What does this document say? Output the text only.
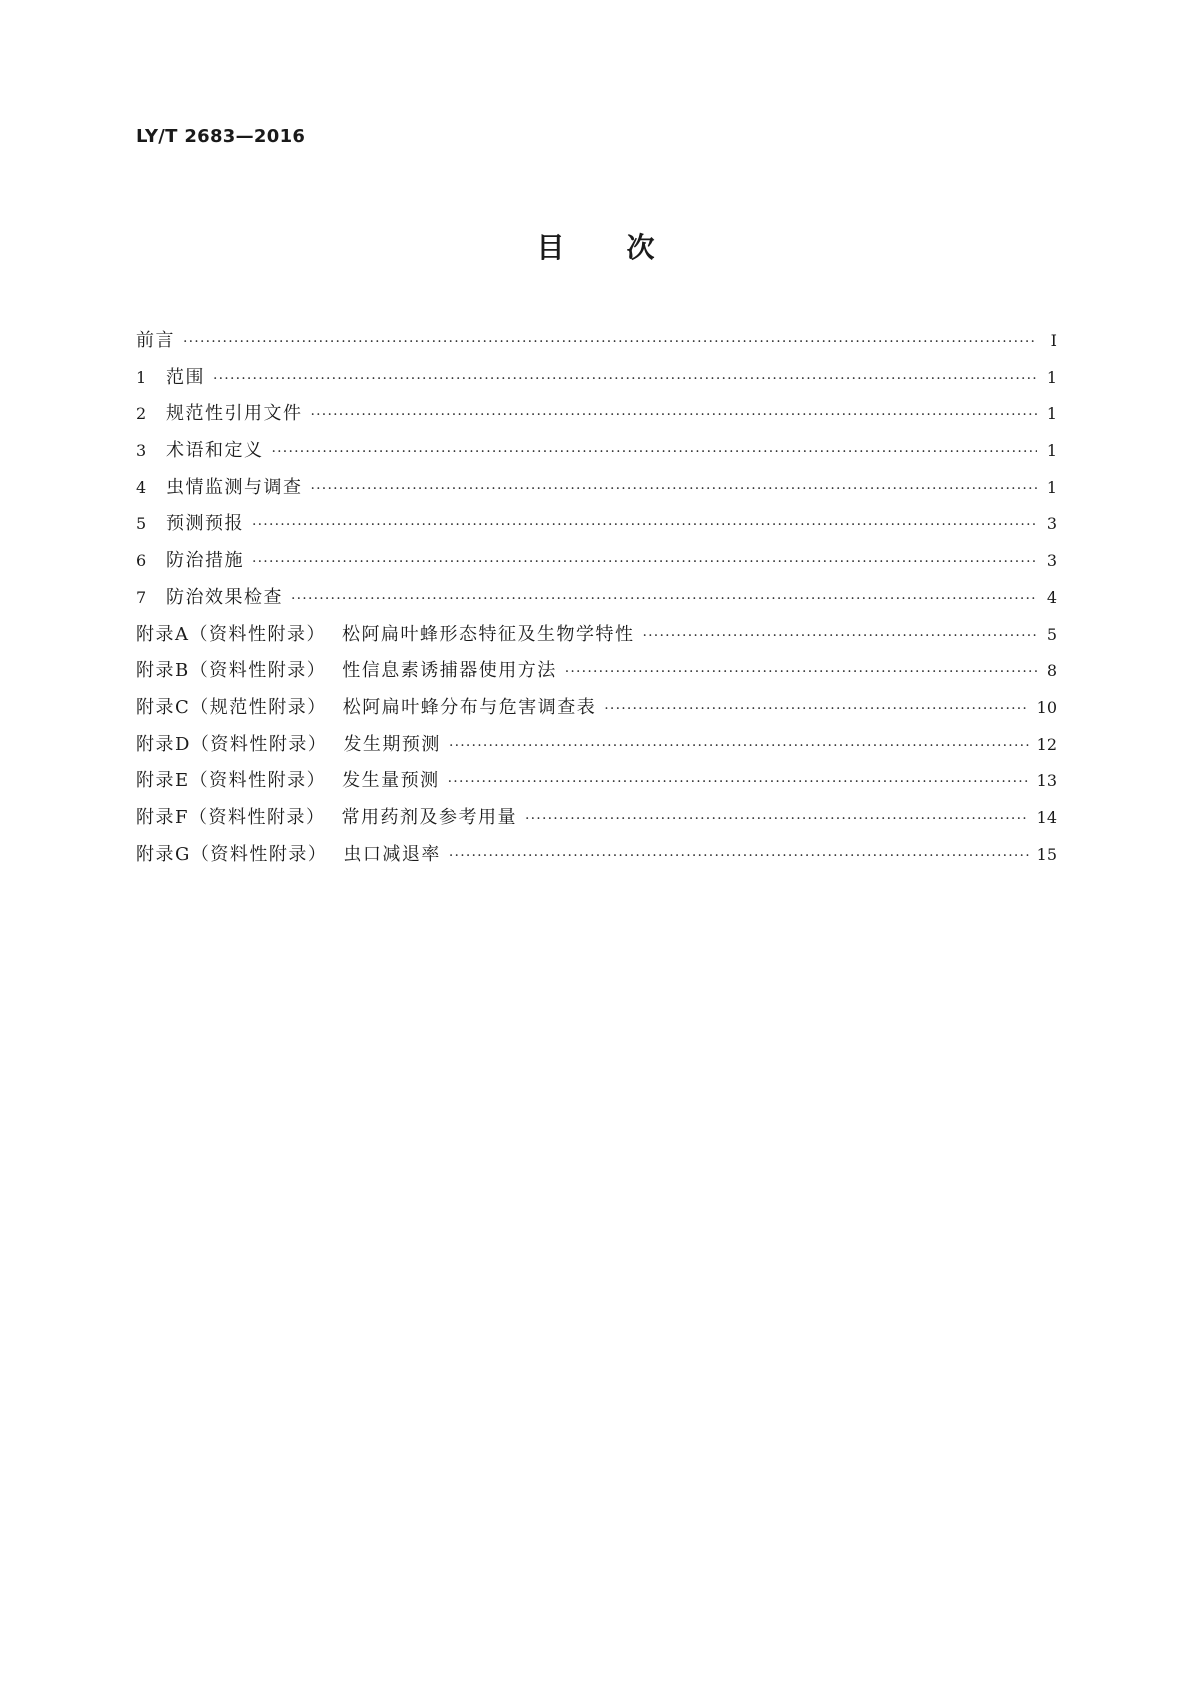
LY/T 2683—2016
目次
前言 ·····	Ⅰ
1	范围 ·····	1
2	规范性引用文件 ·····	1
3	术语和定义 ·····	1
4	虫情监测与调查 ·····	1
5	预测预报 ·····	3
6	防治措施 ·····	3
7	防治效果检查 ·····	4
附录A（资料性附录） 松阿扁叶蜂形态特征及生物学特性 ·····	5
附录B（资料性附录） 性信息素诱捕器使用方法 ·····	8
附录C（规范性附录） 松阿扁叶蜂分布与危害调查表 ·····	10
附录D（资料性附录） 发生期预测 ·····	12
附录E（资料性附录） 发生量预测 ·····	13
附录F（资料性附录） 常用药剂及参考用量 ·····	14
附录G（资料性附录） 虫口减退率 ·····	15
